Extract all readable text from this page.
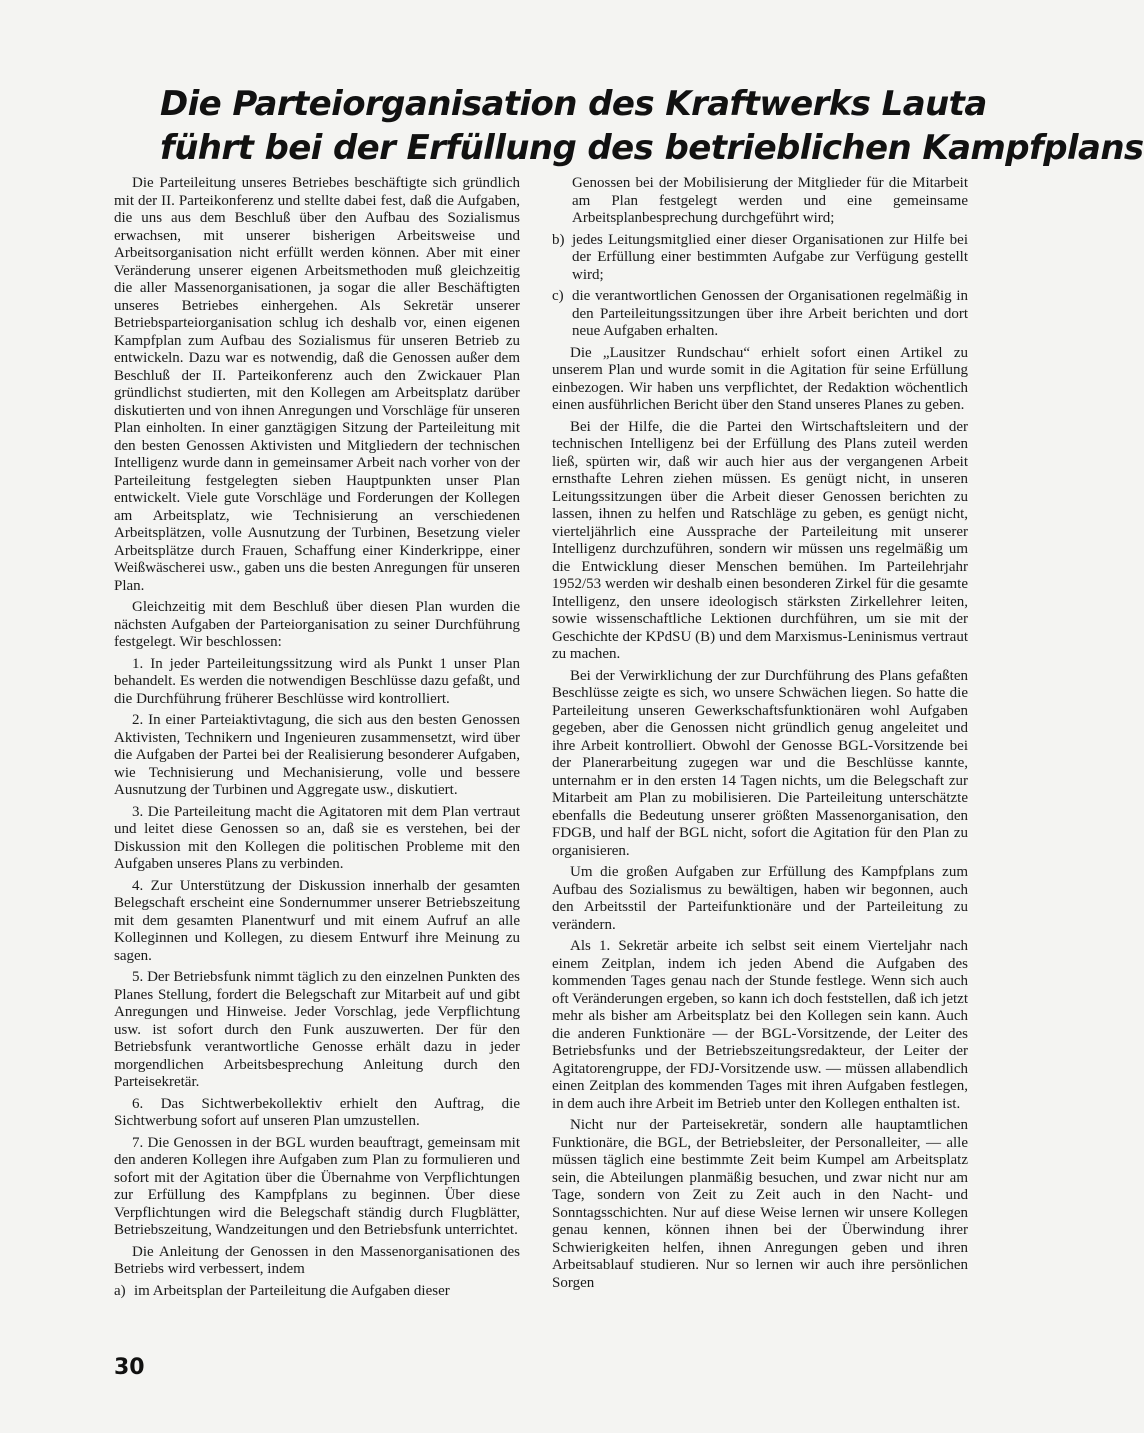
Die Parteiorganisation des Kraftwerks Lauta
führt bei der Erfüllung des betrieblichen Kampfplans

Die Parteileitung unseres Betriebes beschäftigte sich gründlich mit der II. Parteikonferenz und stellte dabei fest, daß die Aufgaben, die uns aus dem Beschluß über den Aufbau des Sozialismus erwachsen, mit unserer bisherigen Arbeitsweise und Arbeitsorganisation nicht erfüllt werden können. Aber mit einer Veränderung unserer eigenen Arbeitsmethoden muß gleichzeitig die aller Massenorganisationen, ja sogar die aller Beschäftigten unseres Betriebes einhergehen. Als Sekretär unserer Betriebsparteiorganisation schlug ich deshalb vor, einen eigenen Kampfplan zum Aufbau des Sozialismus für unseren Betrieb zu entwickeln. Dazu war es notwendig, daß die Genossen außer dem Beschluß der II. Parteikonferenz auch den Zwickauer Plan gründlichst studierten, mit den Kollegen am Arbeitsplatz darüber diskutierten und von ihnen Anregungen und Vorschläge für unseren Plan einholten. In einer ganztägigen Sitzung der Parteileitung mit den besten Genossen Aktivisten und Mitgliedern der technischen Intelligenz wurde dann in gemeinsamer Arbeit nach vorher von der Parteileitung festgelegten sieben Hauptpunkten unser Plan entwickelt. Viele gute Vorschläge und Forderungen der Kollegen am Arbeitsplatz, wie Technisierung an verschiedenen Arbeitsplätzen, volle Ausnutzung der Turbinen, Besetzung vieler Arbeitsplätze durch Frauen, Schaffung einer Kinderkrippe, einer Weißwäscherei usw., gaben uns die besten Anregungen für unseren Plan.

Gleichzeitig mit dem Beschluß über diesen Plan wurden die nächsten Aufgaben der Parteiorganisation zu seiner Durchführung festgelegt. Wir beschlossen:

1. In jeder Parteileitungssitzung wird als Punkt 1 unser Plan behandelt. Es werden die notwendigen Beschlüsse dazu gefaßt, und die Durchführung früherer Beschlüsse wird kontrolliert.

2. In einer Parteiaktivtagung, die sich aus den besten Genossen Aktivisten, Technikern und Ingenieuren zusammensetzt, wird über die Aufgaben der Partei bei der Realisierung besonderer Aufgaben, wie Technisierung und Mechanisierung, volle und bessere Ausnutzung der Turbinen und Aggregate usw., diskutiert.

3. Die Parteileitung macht die Agitatoren mit dem Plan vertraut und leitet diese Genossen so an, daß sie es verstehen, bei der Diskussion mit den Kollegen die politischen Probleme mit den Aufgaben unseres Plans zu verbinden.

4. Zur Unterstützung der Diskussion innerhalb der gesamten Belegschaft erscheint eine Sondernummer unserer Betriebszeitung mit dem gesamten Planentwurf und mit einem Aufruf an alle Kolleginnen und Kollegen, zu diesem Entwurf ihre Meinung zu sagen.

5. Der Betriebsfunk nimmt täglich zu den einzelnen Punkten des Planes Stellung, fordert die Belegschaft zur Mitarbeit auf und gibt Anregungen und Hinweise. Jeder Vorschlag, jede Verpflichtung usw. ist sofort durch den Funk auszuwerten. Der für den Betriebsfunk verantwortliche Genosse erhält dazu in jeder morgendlichen Arbeitsbesprechung Anleitung durch den Parteisekretär.

6. Das Sichtwerbekollektiv erhielt den Auftrag, die Sichtwerbung sofort auf unseren Plan umzustellen.

7. Die Genossen in der BGL wurden beauftragt, gemeinsam mit den anderen Kollegen ihre Aufgaben zum Plan zu formulieren und sofort mit der Agitation über die Übernahme von Verpflichtungen zur Erfüllung des Kampfplans zu beginnen. Über diese Verpflichtungen wird die Belegschaft ständig durch Flugblätter, Betriebszeitung, Wandzeitungen und den Betriebsfunk unterrichtet.

Die Anleitung der Genossen in den Massenorganisationen des Betriebs wird verbessert, indem

a) im Arbeitsplan der Parteileitung die Aufgaben dieser
Genossen bei der Mobilisierung der Mitglieder für die Mitarbeit am Plan festgelegt werden und eine gemeinsame Arbeitsplanbesprechung durchgeführt wird;
b) jedes Leitungsmitglied einer dieser Organisationen zur Hilfe bei der Erfüllung einer bestimmten Aufgabe zur Verfügung gestellt wird;
c) die verantwortlichen Genossen der Organisationen regelmäßig in den Parteileitungssitzungen über ihre Arbeit berichten und dort neue Aufgaben erhalten.

Die „Lausitzer Rundschau“ erhielt sofort einen Artikel zu unserem Plan und wurde somit in die Agitation für seine Erfüllung einbezogen. Wir haben uns verpflichtet, der Redaktion wöchentlich einen ausführlichen Bericht über den Stand unseres Planes zu geben.

Bei der Hilfe, die die Partei den Wirtschaftsleitern und der technischen Intelligenz bei der Erfüllung des Plans zuteil werden ließ, spürten wir, daß wir auch hier aus der vergangenen Arbeit ernsthafte Lehren ziehen müssen. Es genügt nicht, in unseren Leitungssitzungen über die Arbeit dieser Genossen berichten zu lassen, ihnen zu helfen und Ratschläge zu geben, es genügt nicht, vierteljährlich eine Aussprache der Parteileitung mit unserer Intelligenz durchzuführen, sondern wir müssen uns regelmäßig um die Entwicklung dieser Menschen bemühen. Im Parteilehrjahr 1952/53 werden wir deshalb einen besonderen Zirkel für die gesamte Intelligenz, den unsere ideologisch stärksten Zirkellehrer leiten, sowie wissenschaftliche Lektionen durchführen, um sie mit der Geschichte der KPdSU (B) und dem Marxismus-Leninismus vertraut zu machen.

Bei der Verwirklichung der zur Durchführung des Plans gefaßten Beschlüsse zeigte es sich, wo unsere Schwächen liegen. So hatte die Parteileitung unseren Gewerkschaftsfunktionären wohl Aufgaben gegeben, aber die Genossen nicht gründlich genug angeleitet und ihre Arbeit kontrolliert. Obwohl der Genosse BGL-Vorsitzende bei der Planerarbeitung zugegen war und die Beschlüsse kannte, unternahm er in den ersten 14 Tagen nichts, um die Belegschaft zur Mitarbeit am Plan zu mobilisieren. Die Parteileitung unterschätzte ebenfalls die Bedeutung unserer größten Massenorganisation, den FDGB, und half der BGL nicht, sofort die Agitation für den Plan zu organisieren.

Um die großen Aufgaben zur Erfüllung des Kampfplans zum Aufbau des Sozialismus zu bewältigen, haben wir begonnen, auch den Arbeitsstil der Parteifunktionäre und der Parteileitung zu verändern.

Als 1. Sekretär arbeite ich selbst seit einem Vierteljahr nach einem Zeitplan, indem ich jeden Abend die Aufgaben des kommenden Tages genau nach der Stunde festlege. Wenn sich auch oft Veränderungen ergeben, so kann ich doch feststellen, daß ich jetzt mehr als bisher am Arbeitsplatz bei den Kollegen sein kann. Auch die anderen Funktionäre — der BGL-Vorsitzende, der Leiter des Betriebsfunks und der Betriebszeitungsredakteur, der Leiter der Agitatorengruppe, der FDJ-Vorsitzende usw. — müssen allabendlich einen Zeitplan des kommenden Tages mit ihren Aufgaben festlegen, in dem auch ihre Arbeit im Betrieb unter den Kollegen enthalten ist.

Nicht nur der Parteisekretär, sondern alle hauptamtlichen Funktionäre, die BGL, der Betriebsleiter, der Personalleiter, — alle müssen täglich eine bestimmte Zeit beim Kumpel am Arbeitsplatz sein, die Abteilungen planmäßig besuchen, und zwar nicht nur am Tage, sondern von Zeit zu Zeit auch in den Nacht- und Sonntagsschichten. Nur auf diese Weise lernen wir unsere Kollegen genau kennen, können ihnen bei der Überwindung ihrer Schwierigkeiten helfen, ihnen Anregungen geben und ihren Arbeitsablauf studieren. Nur so lernen wir auch ihre persönlichen Sorgen

30
